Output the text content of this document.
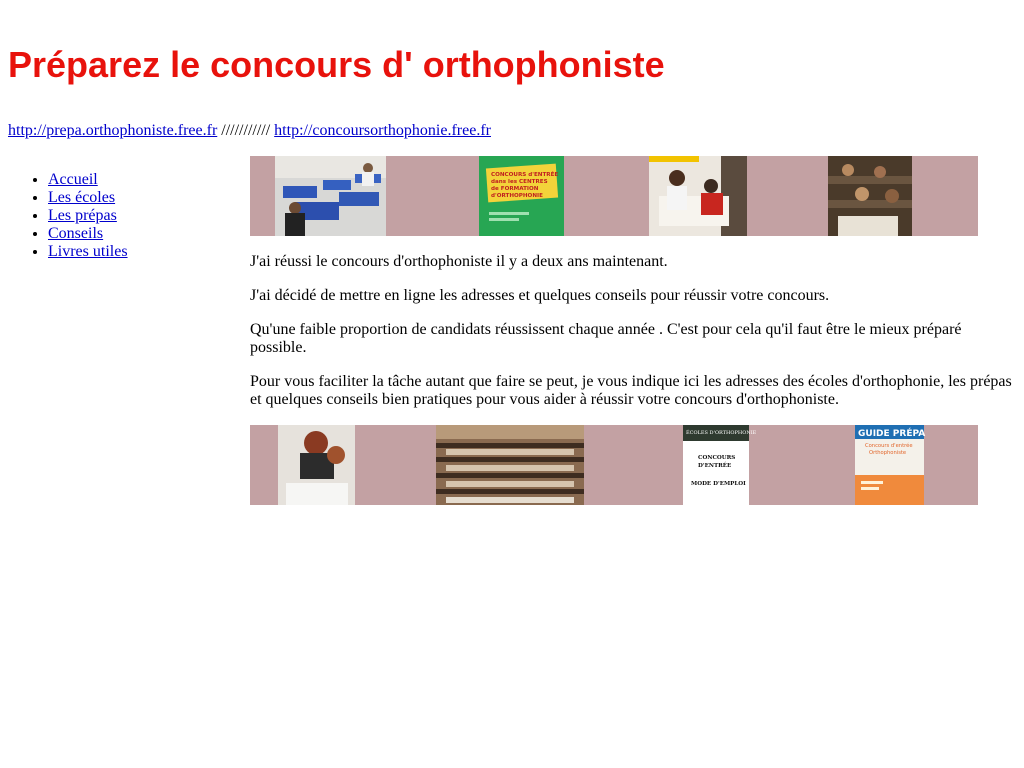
Préparez le concours d' orthophoniste
http://prepa.orthophoniste.free.fr /////////// http://concoursorthophonie.free.fr
• Accueil
• Les écoles
• Les prépas
• Conseils
• Livres utiles
CONCOURS d'ENTRÉE
dans les CENTRES
de FORMATION
d'ORTHOPHONIE

J'ai réussi le concours d'orthophoniste il y a deux ans maintenant.

J'ai décidé de mettre en ligne les adresses et quelques conseils pour réussir votre concours.

Qu'une faible proportion de candidats réussissent chaque année . C'est pour cela qu'il faut être le mieux préparé possible.

Pour vous faciliter la tâche autant que faire se peut, je vous indique ici les adresses des écoles d'orthophonie, les prépas et quelques conseils bien pratiques pour vous aider à réussir votre concours d'orthophoniste.

ÉCOLES D'ORTHOPHONIE
CONCOURS
D'ENTRÉE
MODE D'EMPLOI
GUIDE PRÉPA
Concours d'entrée
Orthophoniste
